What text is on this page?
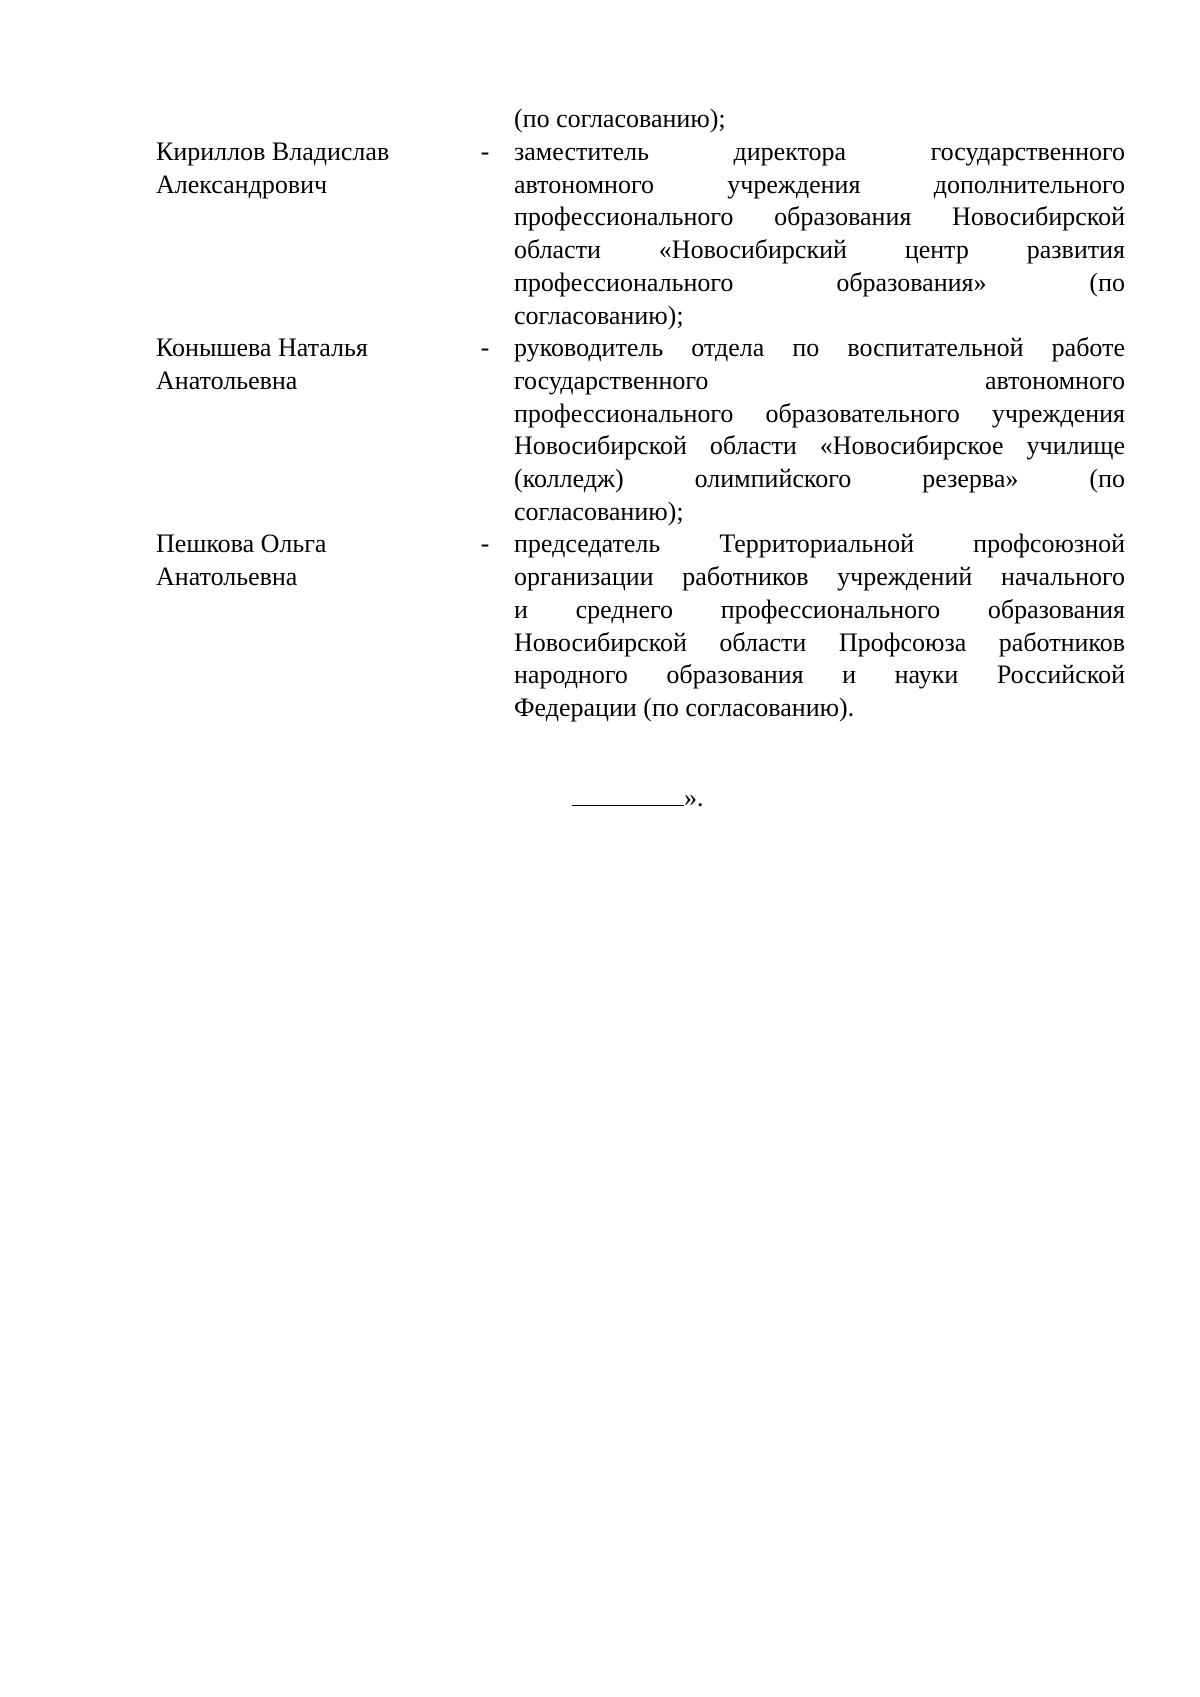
(по согласованию);
Кириллов Владислав
Александрович
- заместитель директора государственного
автономного учреждения дополнительного
профессионального образования Новосибирской
области «Новосибирский центр развития
профессионального образования» (по
согласованию);
Конышева Наталья
Анатольевна
- руководитель отдела по воспитательной работе
государственного автономного
профессионального образовательного учреждения
Новосибирской области «Новосибирское училище
(колледж) олимпийского резерва» (по
согласованию);
Пешкова Ольга
Анатольевна
- председатель Территориальной профсоюзной
организации работников учреждений начального
и среднего профессионального образования
Новосибирской области Профсоюза работников
народного образования и науки Российской
Федерации (по согласованию).
».
